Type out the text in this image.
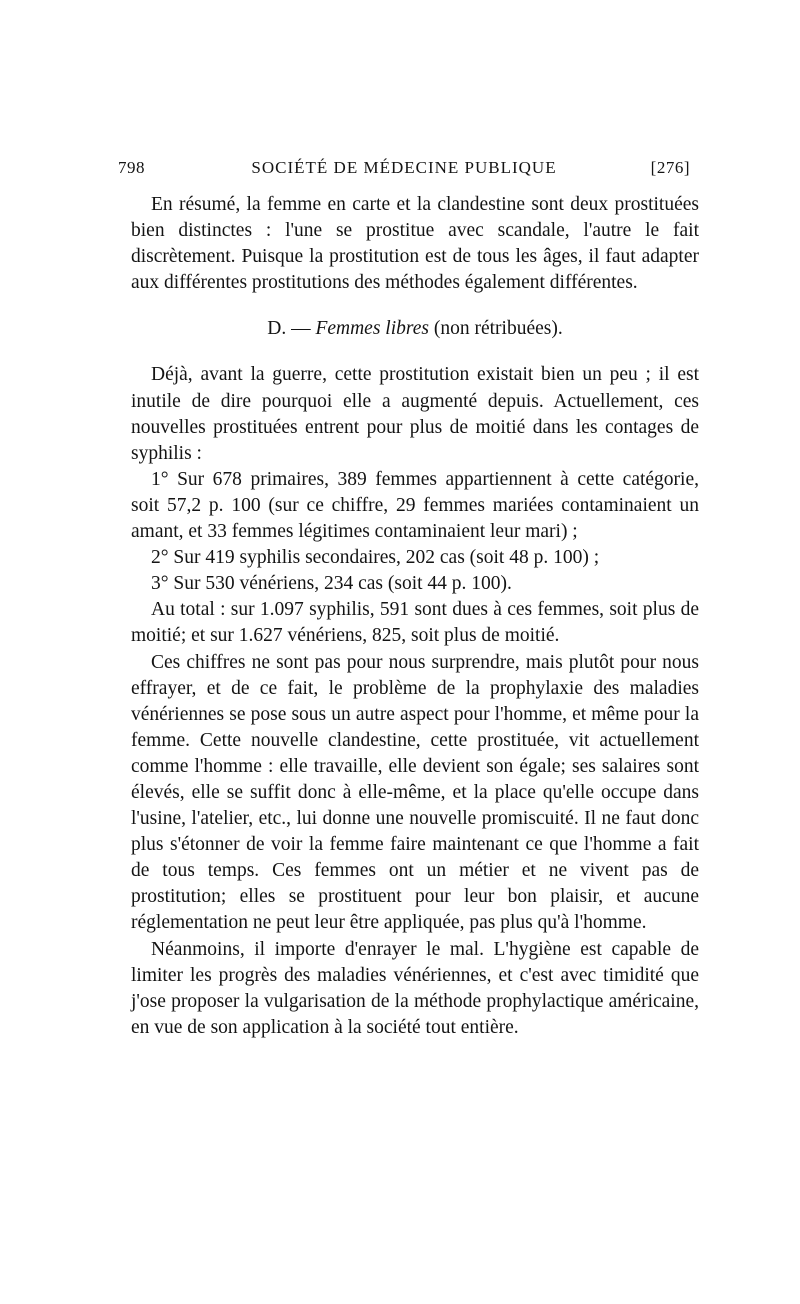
798	SOCIÉTÉ DE MÉDECINE PUBLIQUE	[276]

En résumé, la femme en carte et la clandestine sont deux prostituées bien distinctes : l'une se prostitue avec scandale, l'autre le fait discrètement. Puisque la prostitution est de tous les âges, il faut adapter aux différentes prostitutions des méthodes également différentes.

D. — Femmes libres (non rétribuées).

Déjà, avant la guerre, cette prostitution existait bien un peu ; il est inutile de dire pourquoi elle a augmenté depuis. Actuellement, ces nouvelles prostituées entrent pour plus de moitié dans les contages de syphilis :

1° Sur 678 primaires, 389 femmes appartiennent à cette catégorie, soit 57,2 p. 100 (sur ce chiffre, 29 femmes mariées contaminaient un amant, et 33 femmes légitimes contaminaient leur mari) ;

2° Sur 419 syphilis secondaires, 202 cas (soit 48 p. 100) ;

3° Sur 530 vénériens, 234 cas (soit 44 p. 100).

Au total : sur 1.097 syphilis, 591 sont dues à ces femmes, soit plus de moitié; et sur 1.627 vénériens, 825, soit plus de moitié.

Ces chiffres ne sont pas pour nous surprendre, mais plutôt pour nous effrayer, et de ce fait, le problème de la prophylaxie des maladies vénériennes se pose sous un autre aspect pour l'homme, et même pour la femme. Cette nouvelle clandestine, cette prostituée, vit actuellement comme l'homme : elle travaille, elle devient son égale; ses salaires sont élevés, elle se suffit donc à elle-même, et la place qu'elle occupe dans l'usine, l'atelier, etc., lui donne une nouvelle promiscuité. Il ne faut donc plus s'étonner de voir la femme faire maintenant ce que l'homme a fait de tous temps. Ces femmes ont un métier et ne vivent pas de prostitution; elles se prostituent pour leur bon plaisir, et aucune réglementation ne peut leur être appliquée, pas plus qu'à l'homme.

Néanmoins, il importe d'enrayer le mal. L'hygiène est capable de limiter les progrès des maladies vénériennes, et c'est avec timidité que j'ose proposer la vulgarisation de la méthode prophylactique américaine, en vue de son application à la société tout entière.
